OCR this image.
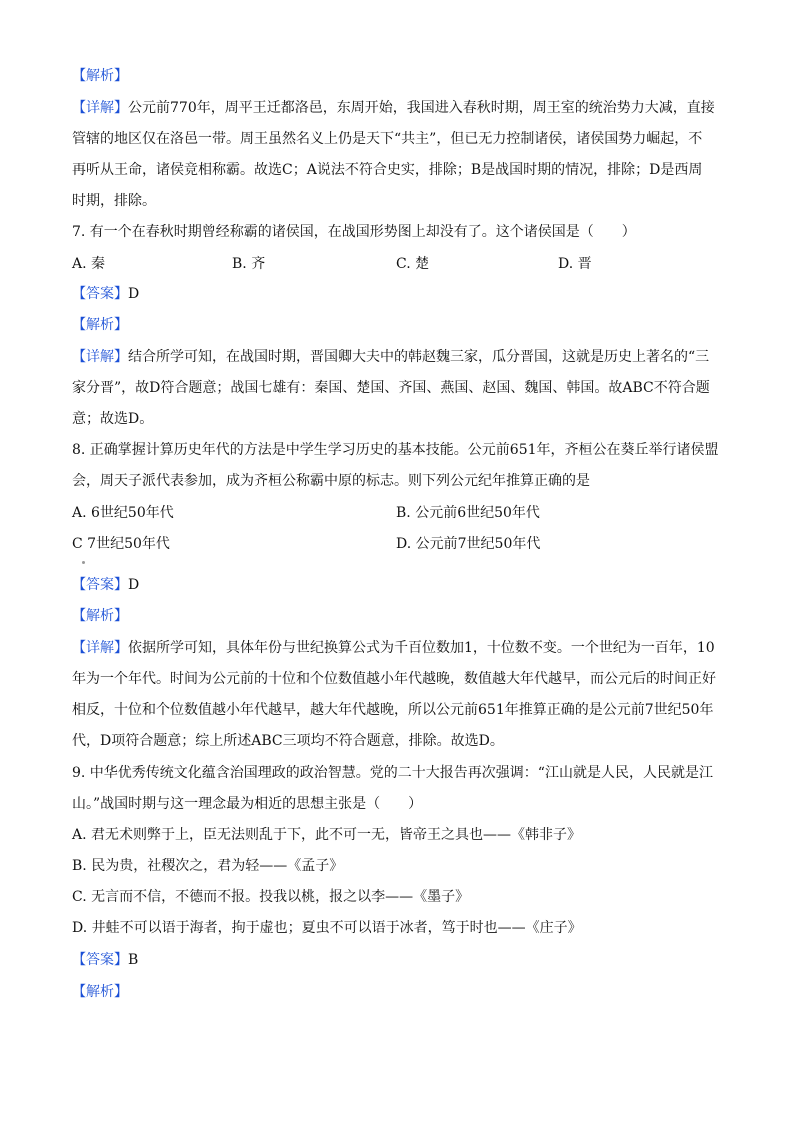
【解析】
【详解】公元前770年，周平王迁都洛邑，东周开始，我国进入春秋时期，周王室的统治势力大减，直接
管辖的地区仅在洛邑一带。周王虽然名义上仍是天下“共主”，但已无力控制诸侯，诸侯国势力崛起，不
再听从王命，诸侯竞相称霸。故选C；A说法不符合史实，排除；B是战国时期的情况，排除；D是西周
时期，排除。
7. 有一个在春秋时期曾经称霸的诸侯国，在战国形势图上却没有了。这个诸侯国是（　　）
A. 秦	B. 齐	C. 楚	D. 晋
【答案】D
【解析】
【详解】结合所学可知，在战国时期，晋国卿大夫中的韩赵魏三家，瓜分晋国，这就是历史上著名的“三
家分晋”，故D符合题意；战国七雄有：秦国、楚国、齐国、燕国、赵国、魏国、韩国。故ABC不符合题
意；故选D。
8. 正确掌握计算历史年代的方法是中学生学习历史的基本技能。公元前651年，齐桓公在葵丘举行诸侯盟
会，周天子派代表参加，成为齐桓公称霸中原的标志。则下列公元纪年推算正确的是
A. 6世纪50年代	B. 公元前6世纪50年代
C 7世纪50年代	D. 公元前7世纪50年代
【答案】D
【解析】
【详解】依据所学可知，具体年份与世纪换算公式为千百位数加1，十位数不变。一个世纪为一百年，10
年为一个年代。时间为公元前的十位和个位数值越小年代越晚，数值越大年代越早，而公元后的时间正好
相反，十位和个位数值越小年代越早，越大年代越晚，所以公元前651年推算正确的是公元前7世纪50年
代，D项符合题意；综上所述ABC三项均不符合题意，排除。故选D。
9. 中华优秀传统文化蕴含治国理政的政治智慧。党的二十大报告再次强调：“江山就是人民，人民就是江
山。”战国时期与这一理念最为相近的思想主张是（　　）
A. 君无术则弊于上，臣无法则乱于下，此不可一无，皆帝王之具也——《韩非子》
B. 民为贵，社稷次之，君为轻——《孟子》
C. 无言而不信，不德而不报。投我以桃，报之以李——《墨子》
D. 井蛙不可以语于海者，拘于虚也；夏虫不可以语于冰者，笃于时也——《庄子》
【答案】B
【解析】
